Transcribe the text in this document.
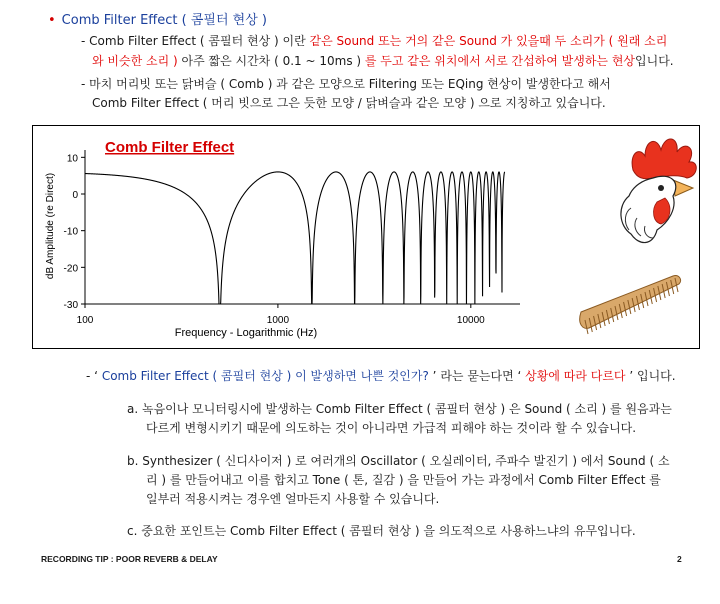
• Comb Filter Effect ( 콤필터 현상 )
- Comb Filter Effect ( 콤필터 현상 ) 이란 같은 Sound 또는 거의 같은 Sound 가 있을때 두 소리가 ( 원래 소리
와 비슷한 소리 ) 아주 짧은 시간차 ( 0.1 ~ 10ms ) 를 두고 같은 위치에서 서로 간섭하여 발생하는 현상입니다.
- 마치 머리빗 또는 닭벼슬 ( Comb ) 과 같은 모양으로 Filtering 또는 EQing 현상이 발생한다고 해서
Comb Filter Effect ( 머리 빗으로 그은 듯한 모양 / 닭벼슬과 같은 모양 ) 으로 지칭하고 있습니다.
10
0
-10
-20
-30
100	1000	10000
Comb Filter Effect
Frequency - Logarithmic (Hz)
dB Amplitude (re Direct)
- ‘ Comb Filter Effect ( 콤필터 현상 ) 이 발생하면 나쁜 것인가? ’ 라는 묻는다면 ‘ 상황에 따라 다르다 ’ 입니다.
a. 녹음이나 모니터링시에 발생하는 Comb Filter Effect ( 콤필터 현상 ) 은 Sound ( 소리 ) 를 원음과는
다르게 변형시키기 때문에 의도하는 것이 아니라면 가급적 피해야 하는 것이라 할 수 있습니다.
b. Synthesizer ( 신디사이저 ) 로 여러개의 Oscillator ( 오실레이터, 주파수 발진기 ) 에서 Sound ( 소
리 ) 를 만들어내고 이를 합치고 Tone ( 톤, 질감 ) 을 만들어 가는 과정에서 Comb Filter Effect 를
일부러 적용시켜는 경우엔 얼마든지 사용할 수 있습니다.
c. 중요한 포인트는 Comb Filter Effect ( 콤필터 현상 ) 을 의도적으로 사용하느냐의 유무입니다.
RECORDING TIP : POOR REVERB & DELAY	2
